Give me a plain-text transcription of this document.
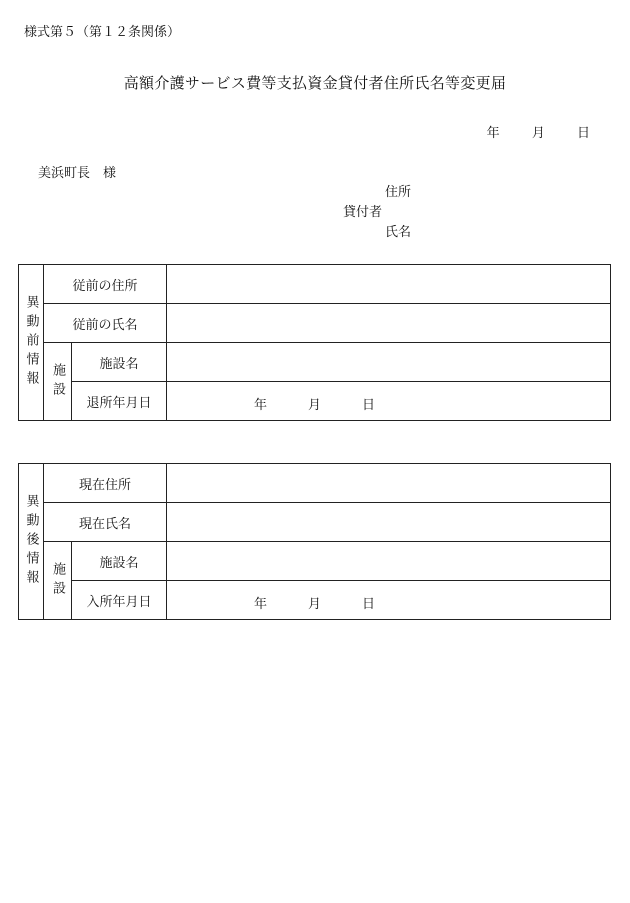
様式第５（第１２条関係）
高額介護サービス費等支払資金貸付者住所氏名等変更届
年 月 日
美浜町長　様
住所
貸付者
氏名
異動前情報	従前の住所		
	従前の氏名		
	施設	施設名	
		退所年月日	年 月 日
異動後情報	現在住所		
	現在氏名		
	施設	施設名	
		入所年月日	年 月 日
